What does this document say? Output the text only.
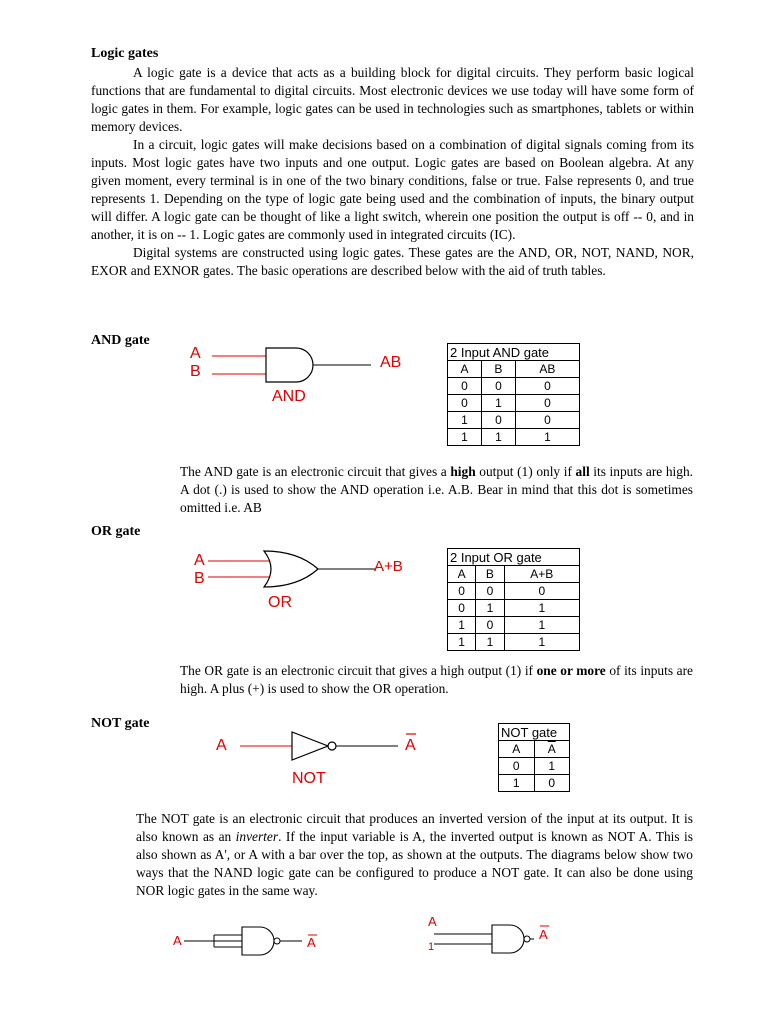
Logic gates

A logic gate is a device that acts as a building block for digital circuits. They perform basic logical functions that are fundamental to digital circuits. Most electronic devices we use today will have some form of logic gates in them. For example, logic gates can be used in technologies such as smartphones, tablets or within memory devices.

In a circuit, logic gates will make decisions based on a combination of digital signals coming from its inputs. Most logic gates have two inputs and one output. Logic gates are based on Boolean algebra. At any given moment, every terminal is in one of the two binary conditions, false or true. False represents 0, and true represents 1. Depending on the type of logic gate being used and the combination of inputs, the binary output will differ. A logic gate can be thought of like a light switch, wherein one position the output is off -- 0, and in another, it is on -- 1. Logic gates are commonly used in integrated circuits (IC).

Digital systems are constructed using logic gates. These gates are the AND, OR, NOT, NAND, NOR, EXOR and EXNOR gates. The basic operations are described below with the aid of truth tables.

AND gate
A
B
AB
AND
2 Input AND gate		
A	B	AB
0	0	0
0	1	0
1	0	0
1	1	1
The AND gate is an electronic circuit that gives a high output (1) only if all its inputs are high. A dot (.) is used to show the AND operation i.e. A.B. Bear in mind that this dot is sometimes omitted i.e. AB
OR gate
A
B
A+B
OR
2 Input OR gate		
A	B	A+B
0	0	0
0	1	1
1	0	1
1	1	1
The OR gate is an electronic circuit that gives a high output (1) if one or more of its inputs are high. A plus (+) is used to show the OR operation.
NOT gate
A	A
NOT
NOT gate	
A	$\overline{A}$
0	1
1	0
The NOT gate is an electronic circuit that produces an inverted version of the input at its output. It is also known as an inverter. If the input variable is A, the inverted output is known as NOT A. This is also shown as A', or A with a bar over the top, as shown at the outputs. The diagrams below show two ways that the NAND logic gate can be configured to produce a NOT gate. It can also be done using NOR logic gates in the same way.
A	A
A
1
A
